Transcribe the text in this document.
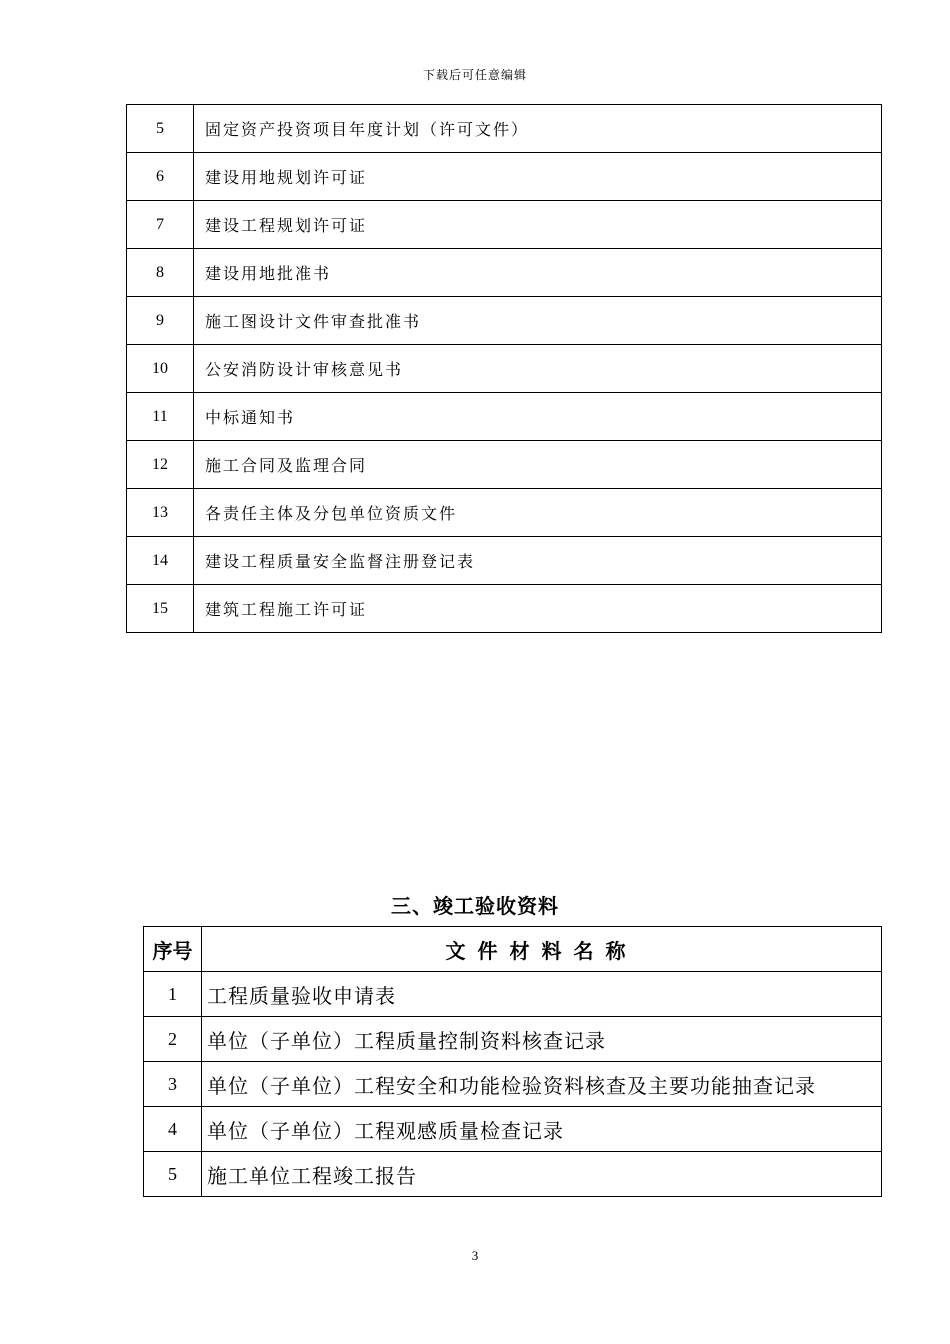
下载后可任意编辑
5	固定资产投资项目年度计划（许可文件）
6	建设用地规划许可证
7	建设工程规划许可证
8	建设用地批准书
9	施工图设计文件审查批准书
10	公安消防设计审核意见书
11	中标通知书
12	施工合同及监理合同
13	各责任主体及分包单位资质文件
14	建设工程质量安全监督注册登记表
15	建筑工程施工许可证
三、竣工验收资料
序号	文件材料名称
1	工程质量验收申请表
2	单位（子单位）工程质量控制资料核查记录
3	单位（子单位）工程安全和功能检验资料核查及主要功能抽查记录
4	单位（子单位）工程观感质量检查记录
5	施工单位工程竣工报告
3
